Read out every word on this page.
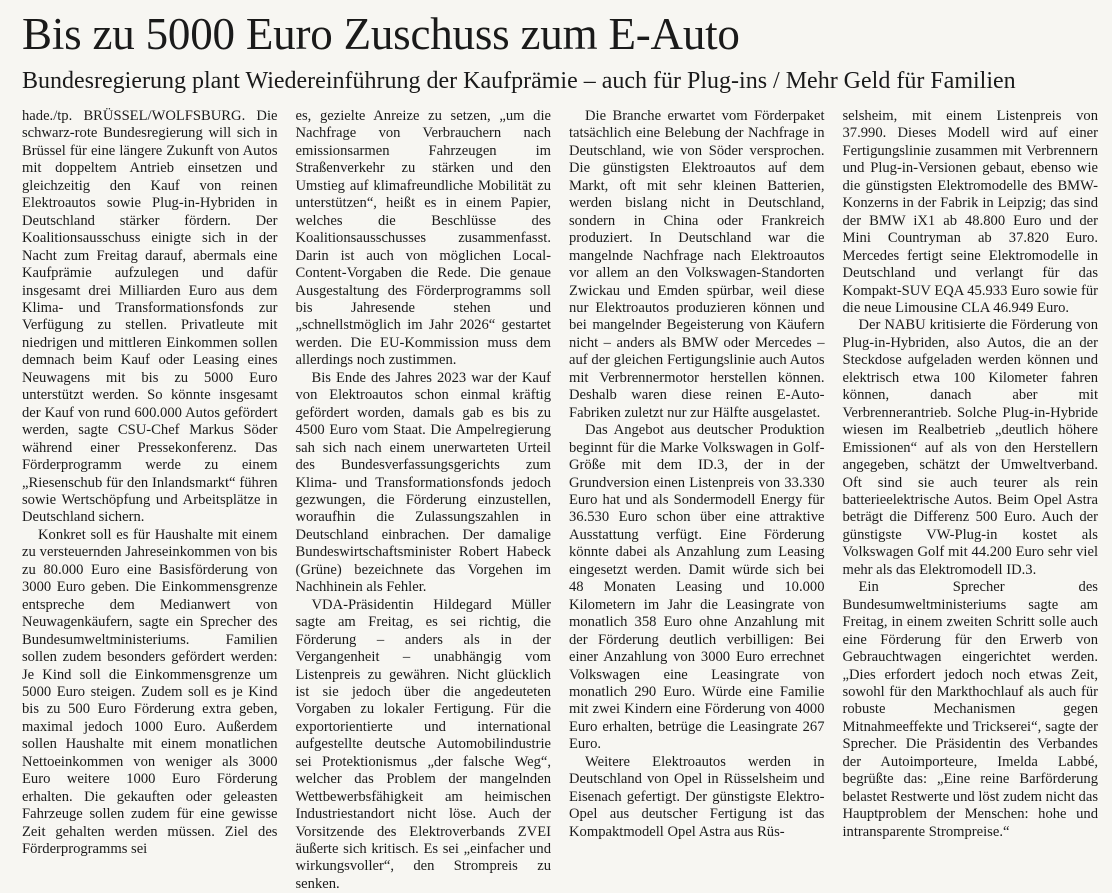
Bis zu 5000 Euro Zuschuss zum E-Auto
Bundesregierung plant Wiedereinführung der Kaufprämie – auch für Plug-ins / Mehr Geld für Familien

hade./tp. BRÜSSEL/WOLFSBURG. Die schwarz-rote Bundesregierung will sich in Brüssel für eine längere Zukunft von Autos mit doppeltem Antrieb einsetzen und gleichzeitig den Kauf von reinen Elektroautos sowie Plug-in-Hybriden in Deutschland stärker fördern. Der Koalitionsausschuss einigte sich in der Nacht zum Freitag darauf, abermals eine Kaufprämie aufzulegen und dafür insgesamt drei Milliarden Euro aus dem Klima- und Transformationsfonds zur Verfügung zu stellen. Privatleute mit niedrigen und mittleren Einkommen sollen demnach beim Kauf oder Leasing eines Neuwagens mit bis zu 5000 Euro unterstützt werden. So könnte insgesamt der Kauf von rund 600.000 Autos gefördert werden, sagte CSU-Chef Markus Söder während einer Pressekonferenz. Das Förderprogramm werde zu einem „Riesenschub für den Inlandsmarkt“ führen sowie Wertschöpfung und Arbeitsplätze in Deutschland sichern.

Konkret soll es für Haushalte mit einem zu versteuernden Jahreseinkommen von bis zu 80.000 Euro eine Basisförderung von 3000 Euro geben. Die Einkommensgrenze entspreche dem Medianwert von Neuwagenkäufern, sagte ein Sprecher des Bundesumweltministeriums. Familien sollen zudem besonders gefördert werden: Je Kind soll die Einkommensgrenze um 5000 Euro steigen. Zudem soll es je Kind bis zu 500 Euro Förderung extra geben, maximal jedoch 1000 Euro. Außerdem sollen Haushalte mit einem monatlichen Nettoeinkommen von weniger als 3000 Euro weitere 1000 Euro Förderung erhalten. Die gekauften oder geleasten Fahrzeuge sollen zudem für eine gewisse Zeit gehalten werden müssen. Ziel des Förderprogramms sei

es, gezielte Anreize zu setzen, „um die Nachfrage von Verbrauchern nach emissionsarmen Fahrzeugen im Straßenverkehr zu stärken und den Umstieg auf klimafreundliche Mobilität zu unterstützen“, heißt es in einem Papier, welches die Beschlüsse des Koalitionsausschusses zusammenfasst. Darin ist auch von möglichen Local-Content-Vorgaben die Rede. Die genaue Ausgestaltung des Förderprogramms soll bis Jahresende stehen und „schnellstmöglich im Jahr 2026“ gestartet werden. Die EU-Kommission muss dem allerdings noch zustimmen.

Bis Ende des Jahres 2023 war der Kauf von Elektroautos schon einmal kräftig gefördert worden, damals gab es bis zu 4500 Euro vom Staat. Die Ampelregierung sah sich nach einem unerwarteten Urteil des Bundesverfassungsgerichts zum Klima- und Transformationsfonds jedoch gezwungen, die Förderung einzustellen, woraufhin die Zulassungszahlen in Deutschland einbrachen. Der damalige Bundeswirtschaftsminister Robert Habeck (Grüne) bezeichnete das Vorgehen im Nachhinein als Fehler.

VDA-Präsidentin Hildegard Müller sagte am Freitag, es sei richtig, die Förderung – anders als in der Vergangenheit – unabhängig vom Listenpreis zu gewähren. Nicht glücklich ist sie jedoch über die angedeuteten Vorgaben zu lokaler Fertigung. Für die exportorientierte und international aufgestellte deutsche Automobilindustrie sei Protektionismus „der falsche Weg“, welcher das Problem der mangelnden Wettbewerbsfähigkeit am heimischen Industriestandort nicht löse. Auch der Vorsitzende des Elektroverbands ZVEI äußerte sich kritisch. Es sei „einfacher und wirkungsvoller“, den Strompreis zu senken.

Die Branche erwartet vom Förderpaket tatsächlich eine Belebung der Nachfrage in Deutschland, wie von Söder versprochen. Die günstigsten Elektroautos auf dem Markt, oft mit sehr kleinen Batterien, werden bislang nicht in Deutschland, sondern in China oder Frankreich produziert. In Deutschland war die mangelnde Nachfrage nach Elektroautos vor allem an den Volkswagen-Standorten Zwickau und Emden spürbar, weil diese nur Elektroautos produzieren können und bei mangelnder Begeisterung von Käufern nicht – anders als BMW oder Mercedes – auf der gleichen Fertigungslinie auch Autos mit Verbrennermotor herstellen können. Deshalb waren diese reinen E-Auto-Fabriken zuletzt nur zur Hälfte ausgelastet.

Das Angebot aus deutscher Produktion beginnt für die Marke Volkswagen in Golf-Größe mit dem ID.3, der in der Grundversion einen Listenpreis von 33.330 Euro hat und als Sondermodell Energy für 36.530 Euro schon über eine attraktive Ausstattung verfügt. Eine Förderung könnte dabei als Anzahlung zum Leasing eingesetzt werden. Damit würde sich bei 48 Monaten Leasing und 10.000 Kilometern im Jahr die Leasingrate von monatlich 358 Euro ohne Anzahlung mit der Förderung deutlich verbilligen: Bei einer Anzahlung von 3000 Euro errechnet Volkswagen eine Leasingrate von monatlich 290 Euro. Würde eine Familie mit zwei Kindern eine Förderung von 4000 Euro erhalten, betrüge die Leasingrate 267 Euro.

Weitere Elektroautos werden in Deutschland von Opel in Rüsselsheim und Eisenach gefertigt. Der günstigste Elektro-Opel aus deutscher Fertigung ist das Kompaktmodell Opel Astra aus Rüs-

selsheim, mit einem Listenpreis von 37.990. Dieses Modell wird auf einer Fertigungslinie zusammen mit Verbrennern und Plug-in-Versionen gebaut, ebenso wie die günstigsten Elektromodelle des BMW-Konzerns in der Fabrik in Leipzig; das sind der BMW iX1 ab 48.800 Euro und der Mini Countryman ab 37.820 Euro. Mercedes fertigt seine Elektromodelle in Deutschland und verlangt für das Kompakt-SUV EQA 45.933 Euro sowie für die neue Limousine CLA 46.949 Euro.

Der NABU kritisierte die Förderung von Plug-in-Hybriden, also Autos, die an der Steckdose aufgeladen werden können und elektrisch etwa 100 Kilometer fahren können, danach aber mit Verbrennerantrieb. Solche Plug-in-Hybride wiesen im Realbetrieb „deutlich höhere Emissionen“ auf als von den Herstellern angegeben, schätzt der Umweltverband. Oft sind sie auch teurer als rein batterieelektrische Autos. Beim Opel Astra beträgt die Differenz 500 Euro. Auch der günstigste VW-Plug-in kostet als Volkswagen Golf mit 44.200 Euro sehr viel mehr als das Elektromodell ID.3.

Ein Sprecher des Bundesumweltministeriums sagte am Freitag, in einem zweiten Schritt solle auch eine Förderung für den Erwerb von Gebrauchtwagen eingerichtet werden. „Dies erfordert jedoch noch etwas Zeit, sowohl für den Markthochlauf als auch für robuste Mechanismen gegen Mitnahmeeffekte und Trickserei“, sagte der Sprecher. Die Präsidentin des Verbandes der Autoimporteure, Imelda Labbé, begrüßte das: „Eine reine Barförderung belastet Restwerte und löst zudem nicht das Hauptproblem der Menschen: hohe und intransparente Strompreise.“
